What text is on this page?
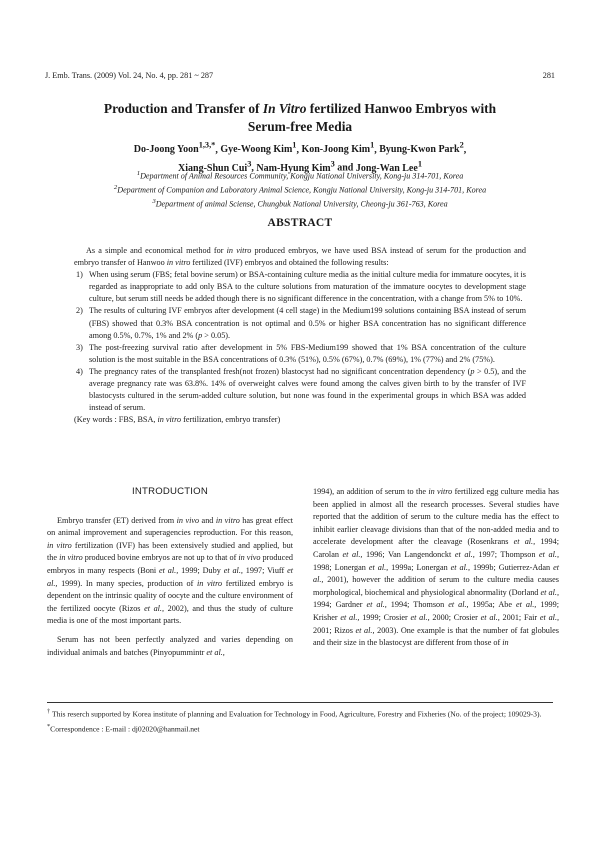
J. Emb. Trans. (2009) Vol. 24, No. 4, pp. 281 ~ 287	281
Production and Transfer of In Vitro fertilized Hanwoo Embryos with
Serum-free Media
Do-Joong Yoon$^{1,3,*}$, Gye-Woong Kim$^1$, Kon-Joong Kim$^1$, Byung-Kwon Park$^2$,
Xiang-Shun Cui$^3$, Nam-Hyung Kim$^3$ and Jong-Wan Lee$^1$
$^1$Department of Animal Resources Community, Kongju National University, Kong-ju 314-701, Korea
$^2$Department of Companion and Laboratory Animal Science, Kongju National University, Kong-ju 314-701, Korea
$^3$Department of animal Sciense, Chungbuk National University, Cheong-ju 361-763, Korea
ABSTRACT

As a simple and economical method for in vitro produced embryos, we have used BSA instead of serum for the production and embryo transfer of Hanwoo in vitro fertilized (IVF) embryos and obtained the following results:

1) When using serum (FBS; fetal bovine serum) or BSA-containing culture media as the initial culture media for immature oocytes, it is regarded as inappropriate to add only BSA to the culture solutions from maturation of the immature oocytes to development stage culture, but serum still needs be added though there is no significant difference in the concentration, with a change from 5% to 10%.
2) The results of culturing IVF embryos after development (4 cell stage) in the Medium199 solutions containing BSA instead of serum (FBS) showed that 0.3% BSA concentration is not optimal and 0.5% or higher BSA concentration has no significant difference among 0.5%, 0.7%, 1% and 2% (p > 0.05).
3) The post-freezing survival ratio after development in 5% FBS-Medium199 showed that 1% BSA concentration of the culture solution is the most suitable in the BSA concentrations of 0.3% (51%), 0.5% (67%), 0.7% (69%), 1% (77%) and 2% (75%).
4) The pregnancy rates of the transplanted fresh(not frozen) blastocyst had no significant concentration dependency (p > 0.5), and the average pregnancy rate was 63.8%. 14% of overweight calves were found among the calves given birth to by the transfer of IVF blastocysts cultured in the serum-added culture solution, but none was found in the experimental groups in which BSA was added instead of serum.

(Key words : FBS, BSA, in vitro fertilization, embryo transfer)

INTRODUCTION

Embryo transfer (ET) derived from in vivo and in vitro has great effect on animal improvement and superagencies reproduction. For this reason, in vitro fertilization (IVF) has been extensively studied and applied, but the in vitro produced bovine embryos are not up to that of in vivo produced embryos in many respects (Boni et al., 1999; Duby et al., 1997; Viuff et al., 1999). In many species, production of in vitro fertilized embryo is dependent on the intrinsic quality of oocyte and the culture environment of the fertilized oocyte (Rizos et al., 2002), and thus the study of culture media is one of the most important parts.

Serum has not been perfectly analyzed and varies depending on individual animals and batches (Pinyopummintr et al.,

1994), an addition of serum to the in vitro fertilized egg culture media has been applied in almost all the research processes. Several studies have reported that the addition of serum to the culture media has the effect to inhibit earlier cleavage divisions than that of the non-added media and to accelerate development after the cleavage (Rosenkrans et al., 1994; Carolan et al., 1996; Van Langendonckt et al., 1997; Thompson et al., 1998; Lonergan et al., 1999a; Lonergan et al., 1999b; Gutierrez-Adan et al., 2001), however the addition of serum to the culture media causes morphological, biochemical and physiological abnormality (Dorland et al., 1994; Gardner et al., 1994; Thomson et al., 1995a; Abe et al., 1999; Krisher et al., 1999; Crosier et al., 2000; Crosier et al., 2001; Fair et al., 2001; Rizos et al., 2003). One example is that the number of fat globules and their size in the blastocyst are different from those of in

† This reserch supported by Korea institute of planning and Evaluation for Technology in Food, Agriculture, Forestry and Fixheries (No. of the project; 109029-3).

*Correspondence : E-mail : dj02020@hanmail.net
